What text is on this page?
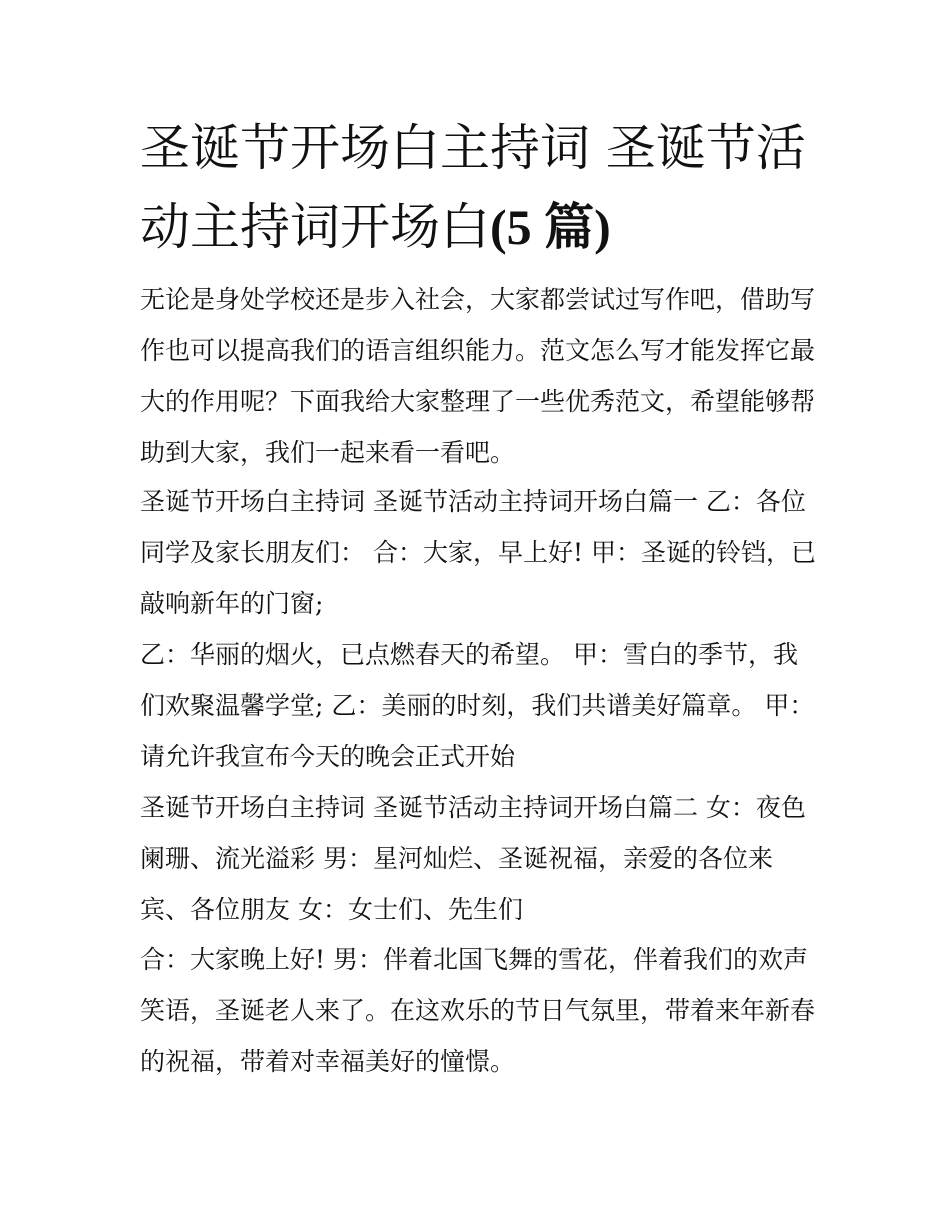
圣诞节开场白主持词 圣诞节活
动主持词开场白(5 篇)
无论是身处学校还是步入社会，大家都尝试过写作吧，借助写
作也可以提高我们的语言组织能力。范文怎么写才能发挥它最
大的作用呢？下面我给大家整理了一些优秀范文，希望能够帮
助到大家，我们一起来看一看吧。
圣诞节开场白主持词 圣诞节活动主持词开场白篇一 乙：各位
同学及家长朋友们： 合：大家，早上好! 甲：圣诞的铃铛，已
敲响新年的门窗;
乙：华丽的烟火，已点燃春天的希望。 甲：雪白的季节，我
们欢聚温馨学堂; 乙：美丽的时刻，我们共谱美好篇章。 甲：
请允许我宣布今天的晚会正式开始
圣诞节开场白主持词 圣诞节活动主持词开场白篇二 女：夜色
阑珊、流光溢彩 男：星河灿烂、圣诞祝福，亲爱的各位来
宾、各位朋友 女：女士们、先生们
合：大家晚上好! 男：伴着北国飞舞的雪花，伴着我们的欢声
笑语，圣诞老人来了。在这欢乐的节日气氛里，带着来年新春
的祝福，带着对幸福美好的憧憬。
